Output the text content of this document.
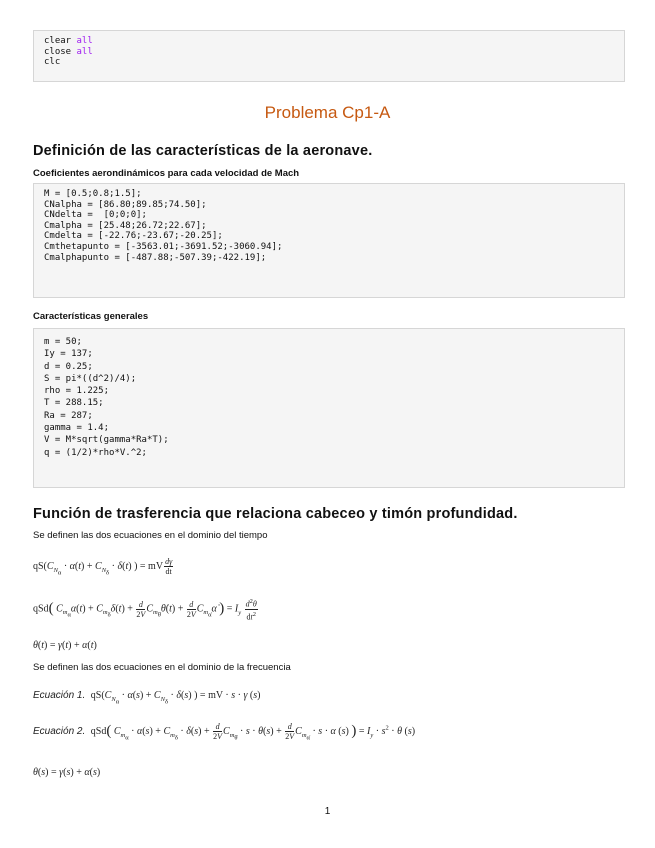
clear all
close all
clc
Problema Cp1-A
Definición de las características de la aeronave.
Coeficientes aerondinámicos para cada velocidad de Mach
M = [0.5;0.8;1.5];
CNalpha = [86.80;89.85;74.50];
CNdelta =  [0;0;0];
Cmalpha = [25.48;26.72;22.67];
Cmdelta = [-22.76;-23.67;-20.25];
Cmthetapunto = [-3563.01;-3691.52;-3060.94];
Cmalphapunto = [-487.88;-507.39;-422.19];
Características generales
m = 50;
Iy = 137;
d = 0.25;
S = pi*((d^2)/4);
rho = 1.225;
T = 288.15;
Ra = 287;
gamma = 1.4;
V = M*sqrt(gamma*Ra*T);
q = (1/2)*rho*V.^2;
Función de trasferencia que relaciona cabeceo y timón profundidad.
Se definen las dos ecuaciones en el dominio del tiempo
$qS(C_{N_\alpha} \cdot \alpha(t) + C_{N_\delta} \cdot \delta(t)$ ) = mV $\frac{d\gamma}{dt}$
qSd( $C_{m_\alpha}\alpha(t) + C_{m_\delta}\delta(t) + \frac{d}{2V}$ $C_{m_{\thetȧ}}\thetȧ(t) + \frac{d}{2V}$ $C_{m_{\alphȧ}}\alphȧ$ ) = $I_y \frac{d^2\theta}{dt^2}$
θ(t) = γ(t) + α(t)
Se definen las dos ecuaciones en el dominio de la frecuencia
Ecuación 1. $qS(C_{N_\alpha} \cdot \alpha(s) + C_{N_\delta} \cdot \delta(s)$ ) = mV · s · γ (s)
Ecuación 2. qSd( $C_{m_\alpha} \cdot \alpha(s) + C_{m_\delta} \cdot \delta(s) + \frac{d}{2V} C_{m_{\thetȧ}} \cdot s \cdot \theta(s) + \frac{d}{2V} C_{m_{\alphȧ}} \cdot s \cdot \alpha$ (s) ) = $I_y \cdot s^2 \cdot \theta$ (s)
θ(s) = γ(s) + α(s)
1
